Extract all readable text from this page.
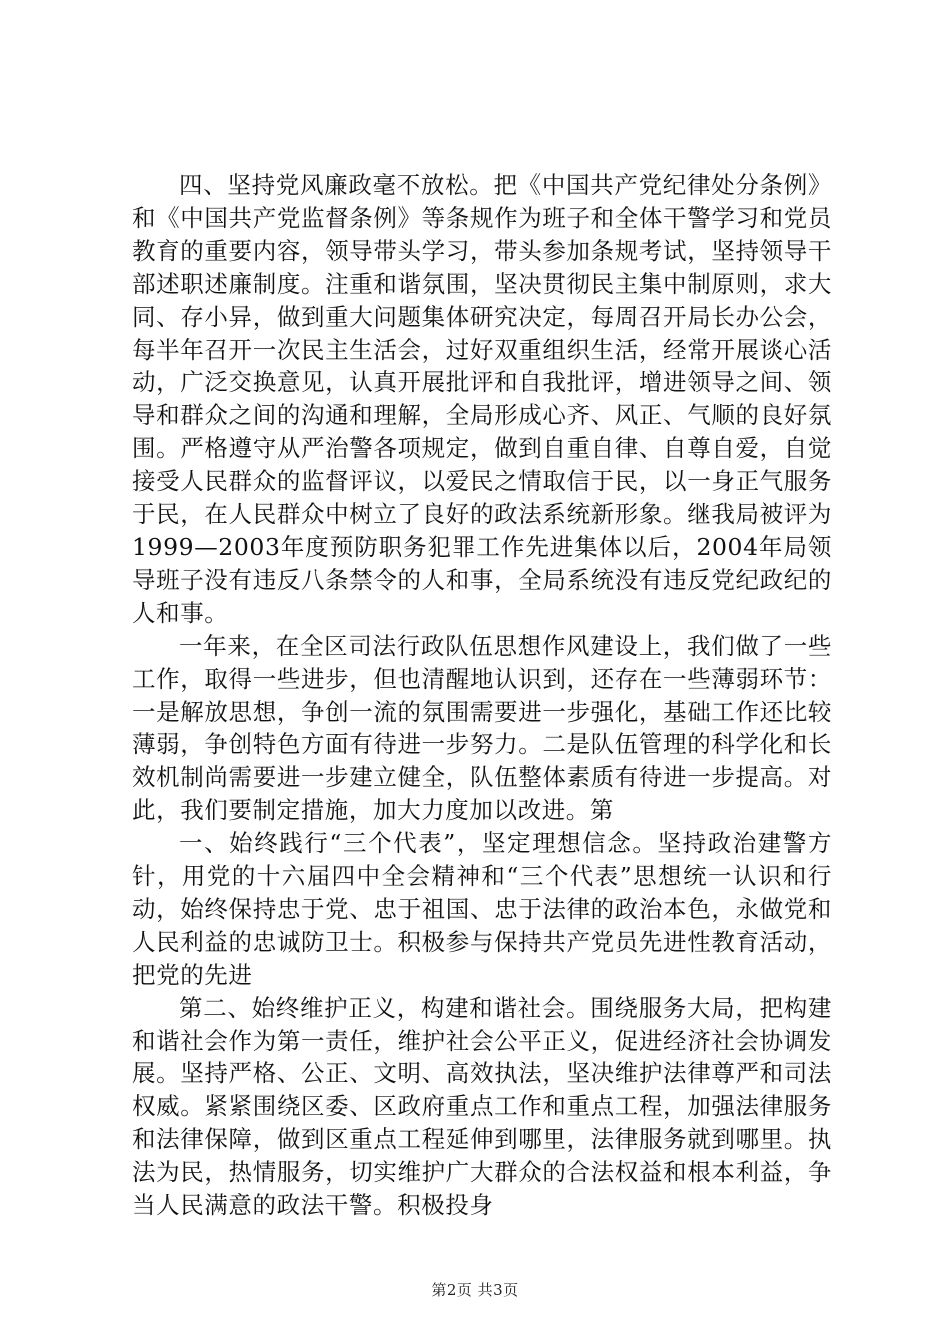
四、坚持党风廉政毫不放松。把《中国共产党纪律处分条例》和《中国共产党监督条例》等条规作为班子和全体干警学习和党员教育的重要内容，领导带头学习，带头参加条规考试，坚持领导干部述职述廉制度。注重和谐氛围，坚决贯彻民主集中制原则，求大同、存小异，做到重大问题集体研究决定，每周召开局长办公会，每半年召开一次民主生活会，过好双重组织生活，经常开展谈心活动，广泛交换意见，认真开展批评和自我批评，增进领导之间、领导和群众之间的沟通和理解，全局形成心齐、风正、气顺的良好氛围。严格遵守从严治警各项规定，做到自重自律、自尊自爱，自觉接受人民群众的监督评议，以爱民之情取信于民，以一身正气服务于民，在人民群众中树立了良好的政法系统新形象。继我局被评为1999—2003年度预防职务犯罪工作先进集体以后，2004年局领导班子没有违反八条禁令的人和事，全局系统没有违反党纪政纪的人和事。

一年来，在全区司法行政队伍思想作风建设上，我们做了一些工作，取得一些进步，但也清醒地认识到，还存在一些薄弱环节：一是解放思想，争创一流的氛围需要进一步强化，基础工作还比较薄弱，争创特色方面有待进一步努力。二是队伍管理的科学化和长效机制尚需要进一步建立健全，队伍整体素质有待进一步提高。对此，我们要制定措施，加大力度加以改进。第

一、始终践行“三个代表”，坚定理想信念。坚持政治建警方针，用党的十六届四中全会精神和“三个代表”思想统一认识和行动，始终保持忠于党、忠于祖国、忠于法律的政治本色，永做党和人民利益的忠诚防卫士。积极参与保持共产党员先进性教育活动，把党的先进

第二、始终维护正义，构建和谐社会。围绕服务大局，把构建和谐社会作为第一责任，维护社会公平正义，促进经济社会协调发展。坚持严格、公正、文明、高效执法，坚决维护法律尊严和司法权威。紧紧围绕区委、区政府重点工作和重点工程，加强法律服务和法律保障，做到区重点工程延伸到哪里，法律服务就到哪里。执法为民，热情服务，切实维护广大群众的合法权益和根本利益，争当人民满意的政法干警。积极投身

第2页 共3页
